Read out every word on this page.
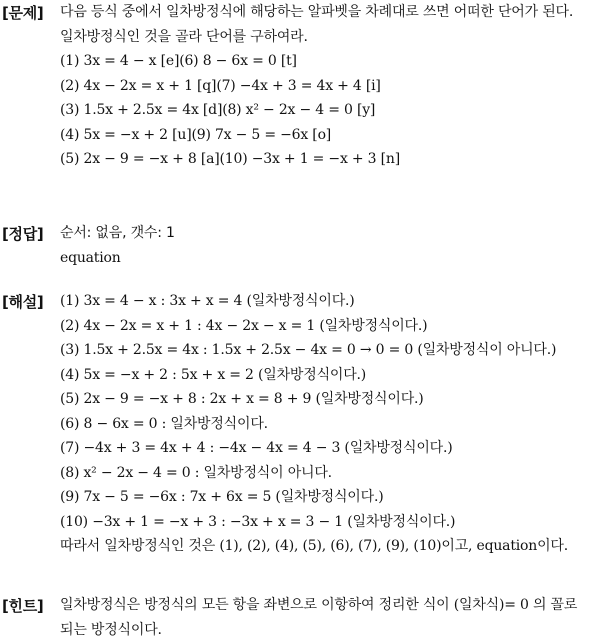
[문제] 다음 등식 중에서 일차방정식에 해당하는 알파벳을 차례대로 쓰면 어떠한 단어가 된다.
일차방정식인 것을 골라 단어를 구하여라.
(1) 3x = 4 − x [e](6) 8 − 6x = 0 [t]
(2) 4x − 2x = x + 1 [q](7) −4x + 3 = 4x + 4 [i]
(3) 1.5x + 2.5x = 4x [d](8) x² − 2x − 4 = 0 [y]
(4) 5x = −x + 2 [u](9) 7x − 5 = −6x [o]
(5) 2x − 9 = −x + 8 [a](10) −3x + 1 = −x + 3 [n]
[정답] 순서: 없음, 갯수: 1
equation
[해설] (1) 3x = 4 − x : 3x + x = 4 (일차방정식이다.)
(2) 4x − 2x = x + 1 : 4x − 2x − x = 1 (일차방정식이다.)
(3) 1.5x + 2.5x = 4x : 1.5x + 2.5x − 4x = 0 → 0 = 0 (일차방정식이 아니다.)
(4) 5x = −x + 2 : 5x + x = 2 (일차방정식이다.)
(5) 2x − 9 = −x + 8 : 2x + x = 8 + 9 (일차방정식이다.)
(6) 8 − 6x = 0 : 일차방정식이다.
(7) −4x + 3 = 4x + 4 : −4x − 4x = 4 − 3 (일차방정식이다.)
(8) x² − 2x − 4 = 0 : 일차방정식이 아니다.
(9) 7x − 5 = −6x : 7x + 6x = 5 (일차방정식이다.)
(10) −3x + 1 = −x + 3 : −3x + x = 3 − 1 (일차방정식이다.)
따라서 일차방정식인 것은 (1), (2), (4), (5), (6), (7), (9), (10)이고, equation이다.
[힌트] 일차방정식은 방정식의 모든 항을 좌변으로 이항하여 정리한 식이 (일차식)= 0 의 꼴로 되는 방정식이다.
